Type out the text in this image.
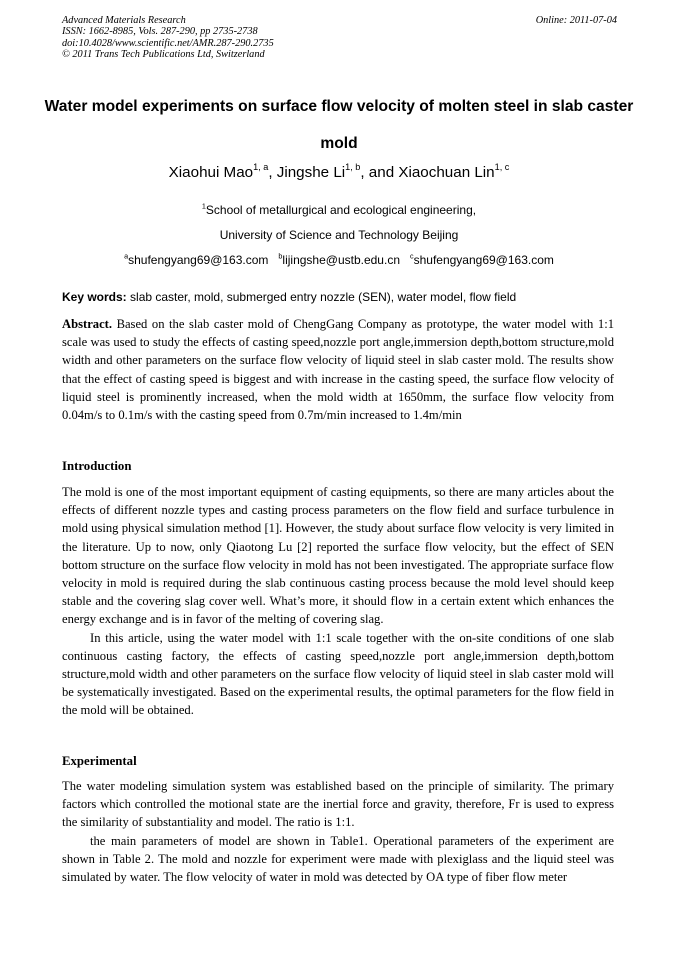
Advanced Materials Research
ISSN: 1662-8985, Vols. 287-290, pp 2735-2738
doi:10.4028/www.scientific.net/AMR.287-290.2735
© 2011 Trans Tech Publications Ltd, Switzerland
Online: 2011-07-04
Water model experiments on surface flow velocity of molten steel in slab caster mold
Xiaohui Mao$^{1, a}$, Jingshe Li$^{1, b}$, and Xiaochuan Lin$^{1, c}$
$^1$School of metallurgical and ecological engineering,
University of Science and Technology Beijing
$^a$shufengyang69@163.com $^b$lijingshe@ustb.edu.cn $^c$shufengyang69@163.com
Key words: slab caster, mold, submerged entry nozzle (SEN), water model, flow field

Abstract. Based on the slab caster mold of ChengGang Company as prototype, the water model with 1:1 scale was used to study the effects of casting speed,nozzle port angle,immersion depth,bottom structure,mold width and other parameters on the surface flow velocity of liquid steel in slab caster mold. The results show that the effect of casting speed is biggest and with increase in the casting speed, the surface flow velocity of liquid steel is prominently increased, when the mold width at 1650mm, the surface flow velocity from 0.04m/s to 0.1m/s with the casting speed from 0.7m/min increased to 1.4m/min

Introduction

The mold is one of the most important equipment of casting equipments, so there are many articles about the effects of different nozzle types and casting process parameters on the flow field and surface turbulence in mold using physical simulation method [1]. However, the study about surface flow velocity is very limited in the literature. Up to now, only Qiaotong Lu [2] reported the surface flow velocity, but the effect of SEN bottom structure on the surface flow velocity in mold has not been investigated. The appropriate surface flow velocity in mold is required during the slab continuous casting process because the mold level should keep stable and the covering slag cover well. What’s more, it should flow in a certain extent which enhances the energy exchange and is in favor of the melting of covering slag.

In this article, using the water model with 1:1 scale together with the on-site conditions of one slab continuous casting factory, the effects of casting speed,nozzle port angle,immersion depth,bottom structure,mold width and other parameters on the surface flow velocity of liquid steel in slab caster mold will be systematically investigated. Based on the experimental results, the optimal parameters for the flow field in the mold will be obtained.

Experimental

The water modeling simulation system was established based on the principle of similarity. The primary factors which controlled the motional state are the inertial force and gravity, therefore, Fr is used to express the similarity of substantiality and model. The ratio is 1:1.

the main parameters of model are shown in Table1. Operational parameters of the experiment are shown in Table 2. The mold and nozzle for experiment were made with plexiglass and the liquid steel was simulated by water. The flow velocity of water in mold was detected by OA type of fiber flow meter
